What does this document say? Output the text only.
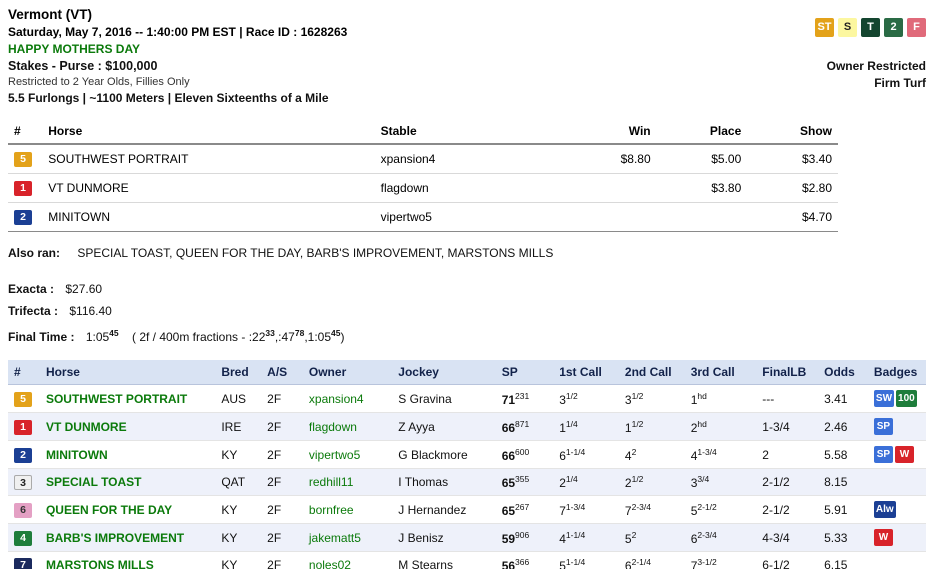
Vermont (VT)
Saturday, May 7, 2016 -- 1:40:00 PM EST | Race ID : 1628263
HAPPY MOTHERS DAY
Stakes - Purse : $100,000
Restricted to 2 Year Olds, Fillies Only
5.5 Furlongs | ~1100 Meters | Eleven Sixteenths of a Mile
ST	S	T	2	F
Owner Restricted
Firm Turf
#	Horse	Stable	Win	Place	Show
5	SOUTHWEST PORTRAIT	xpansion4	$8.80	$5.00	$3.40
1	VT DUNMORE	flagdown		$3.80	$2.80
2	MINITOWN	vipertwo5			$4.70
Also ran: SPECIAL TOAST, QUEEN FOR THE DAY, BARB'S IMPROVEMENT, MARSTONS MILLS
Exacta : $27.60
Trifecta : $116.40
Final Time : $1:05^{45}$ ( 2f / 400m fractions - $:22^{33},:47^{78},1:05^{45}$)
#	Horse	Bred	A/S	Owner	Jockey	SP	1st Call	2nd Call	3rd Call	FinalLB	Odds	Badges
5	SOUTHWEST PORTRAIT	AUS	2F	xpansion4	S Gravina	$71^{231}$	$3^{1/2}$	$3^{1/2}$	$1^{hd}$	---	3.41	SW 100
1	VT DUNMORE	IRE	2F	flagdown	Z Ayya	$66^{871}$	$1^{1/4}$	$1^{1/2}$	$2^{hd}$	1-3/4	2.46	SP
2	MINITOWN	KY	2F	vipertwo5	G Blackmore	$66^{600}$	$6^{1-1/4}$	$4^2$	$4^{1-3/4}$	2	5.58	SP W
3	SPECIAL TOAST	QAT	2F	redhill11	I Thomas	$65^{355}$	$2^{1/4}$	$2^{1/2}$	$3^{3/4}$	2-1/2	8.15	
6	QUEEN FOR THE DAY	KY	2F	bornfree	J Hernandez	$65^{267}$	$7^{1-3/4}$	$7^{2-3/4}$	$5^{2-1/2}$	2-1/2	5.91	Alw
4	BARB'S IMPROVEMENT	KY	2F	jakematt5	J Benisz	$59^{906}$	$4^{1-1/4}$	$5^2$	$6^{2-3/4}$	4-3/4	5.33	W
7	MARSTONS MILLS	KY	2F	noles02	M Stearns	$56^{366}$	$5^{1-1/4}$	$6^{2-1/4}$	$7^{3-1/2}$	6-1/2	6.15	
